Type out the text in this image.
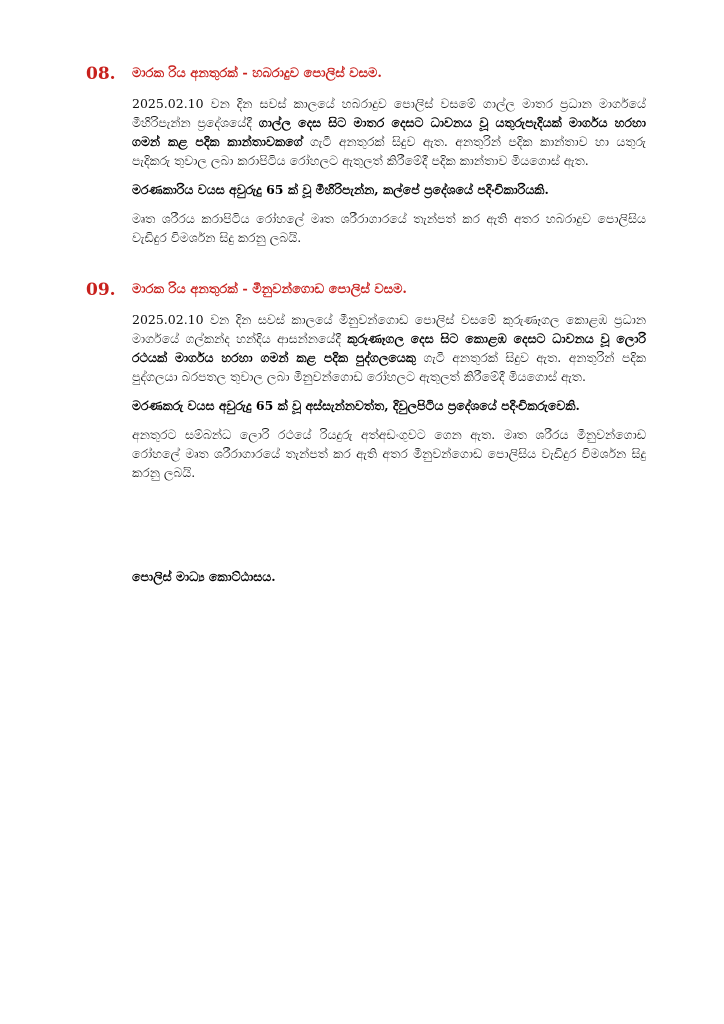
08. මාරක රිය අනතුරක් - හබරාදුව පොලිස් වසම.

2025.02.10 වන දින සවස් කාලයේ හබරාදුව පොලිස් වසමේ ගාල්ල මාතර ප්‍රධාන මාර්ගයේ මීහිරිපැන්න ප්‍රදේශයේදී ගාල්ල දෙස සිට මාතර දෙසට ධාවනය වූ යතුරුපැදියක් මාර්ගය හරහා ගමන් කළ පදික කාන්තාවකගේ ගැටී අනතුරක් සිදුව ඇත. අනතුරින් පදික කාන්තාව හා යතුරු පැදිකරු තුවාල ලබා කරාපිටිය රෝහලට ඇතුලත් කිරීමේදී පදික කාන්තාව මියගොස් ඇත.

මරණකාරිය වයස අවුරුදු 65 ක් වූ මීහිරිපැන්න, කල්පේ ප්‍රදේශයේ පදිංචිකාරියකි.

මෘත ශරීරය කරාපිටිය රෝහලේ මෘත ශරීරාගාරයේ තැන්පත් කර ඇති අතර හබරාදුව පොලිසිය වැඩිදුර විමර්ශන සිදු කරනු ලබයි.

09. මාරක රිය අනතුරක් - මීනුවන්ගොඩ පොලිස් වසම.

2025.02.10 වන දින සවස් කාලයේ මීනුවන්ගොඩ පොලිස් වසමේ කුරුණෑගල කොළඹ ප්‍රධාන මාර්ගයේ ගල්කන්ද හන්දිය ආසන්නයේදී කුරුණෑගල දෙස සිට කොළඹ දෙසට ධාවනය වූ ලොරි රථයක් මාර්ගය හරහා ගමන් කළ පදික පුද්ගලයෙකු ගැටී අනතුරක් සිදුව ඇත. අනතුරින් පදික පුද්ගලයා බරපතල තුවාල ලබා මීනුවන්ගොඩ රෝහලට ඇතුලත් කිරීමේදී මියගොස් ඇත.

මරණකරු වයස අවුරුදු 65 ක් වූ අස්සැන්නවත්ත, දිවුලපිටිය ප්‍රදේශයේ පදිංචිකරුවෙකි.

අනතුරට සම්බන්ධ ලොරි රථයේ රියදුරු අත්අඩංගුවට ගෙන ඇත. මෘත ශරීරය මීනුවන්ගොඩ රෝහලේ මෘත ශරීරාගාරයේ තැන්පත් කර ඇති අතර මීනුවන්ගොඩ පොලිසිය වැඩිදුර විමර්ශන සිදු කරනු ලබයි.

පොලිස් මාධ්‍ය කොට්ඨාසය.
